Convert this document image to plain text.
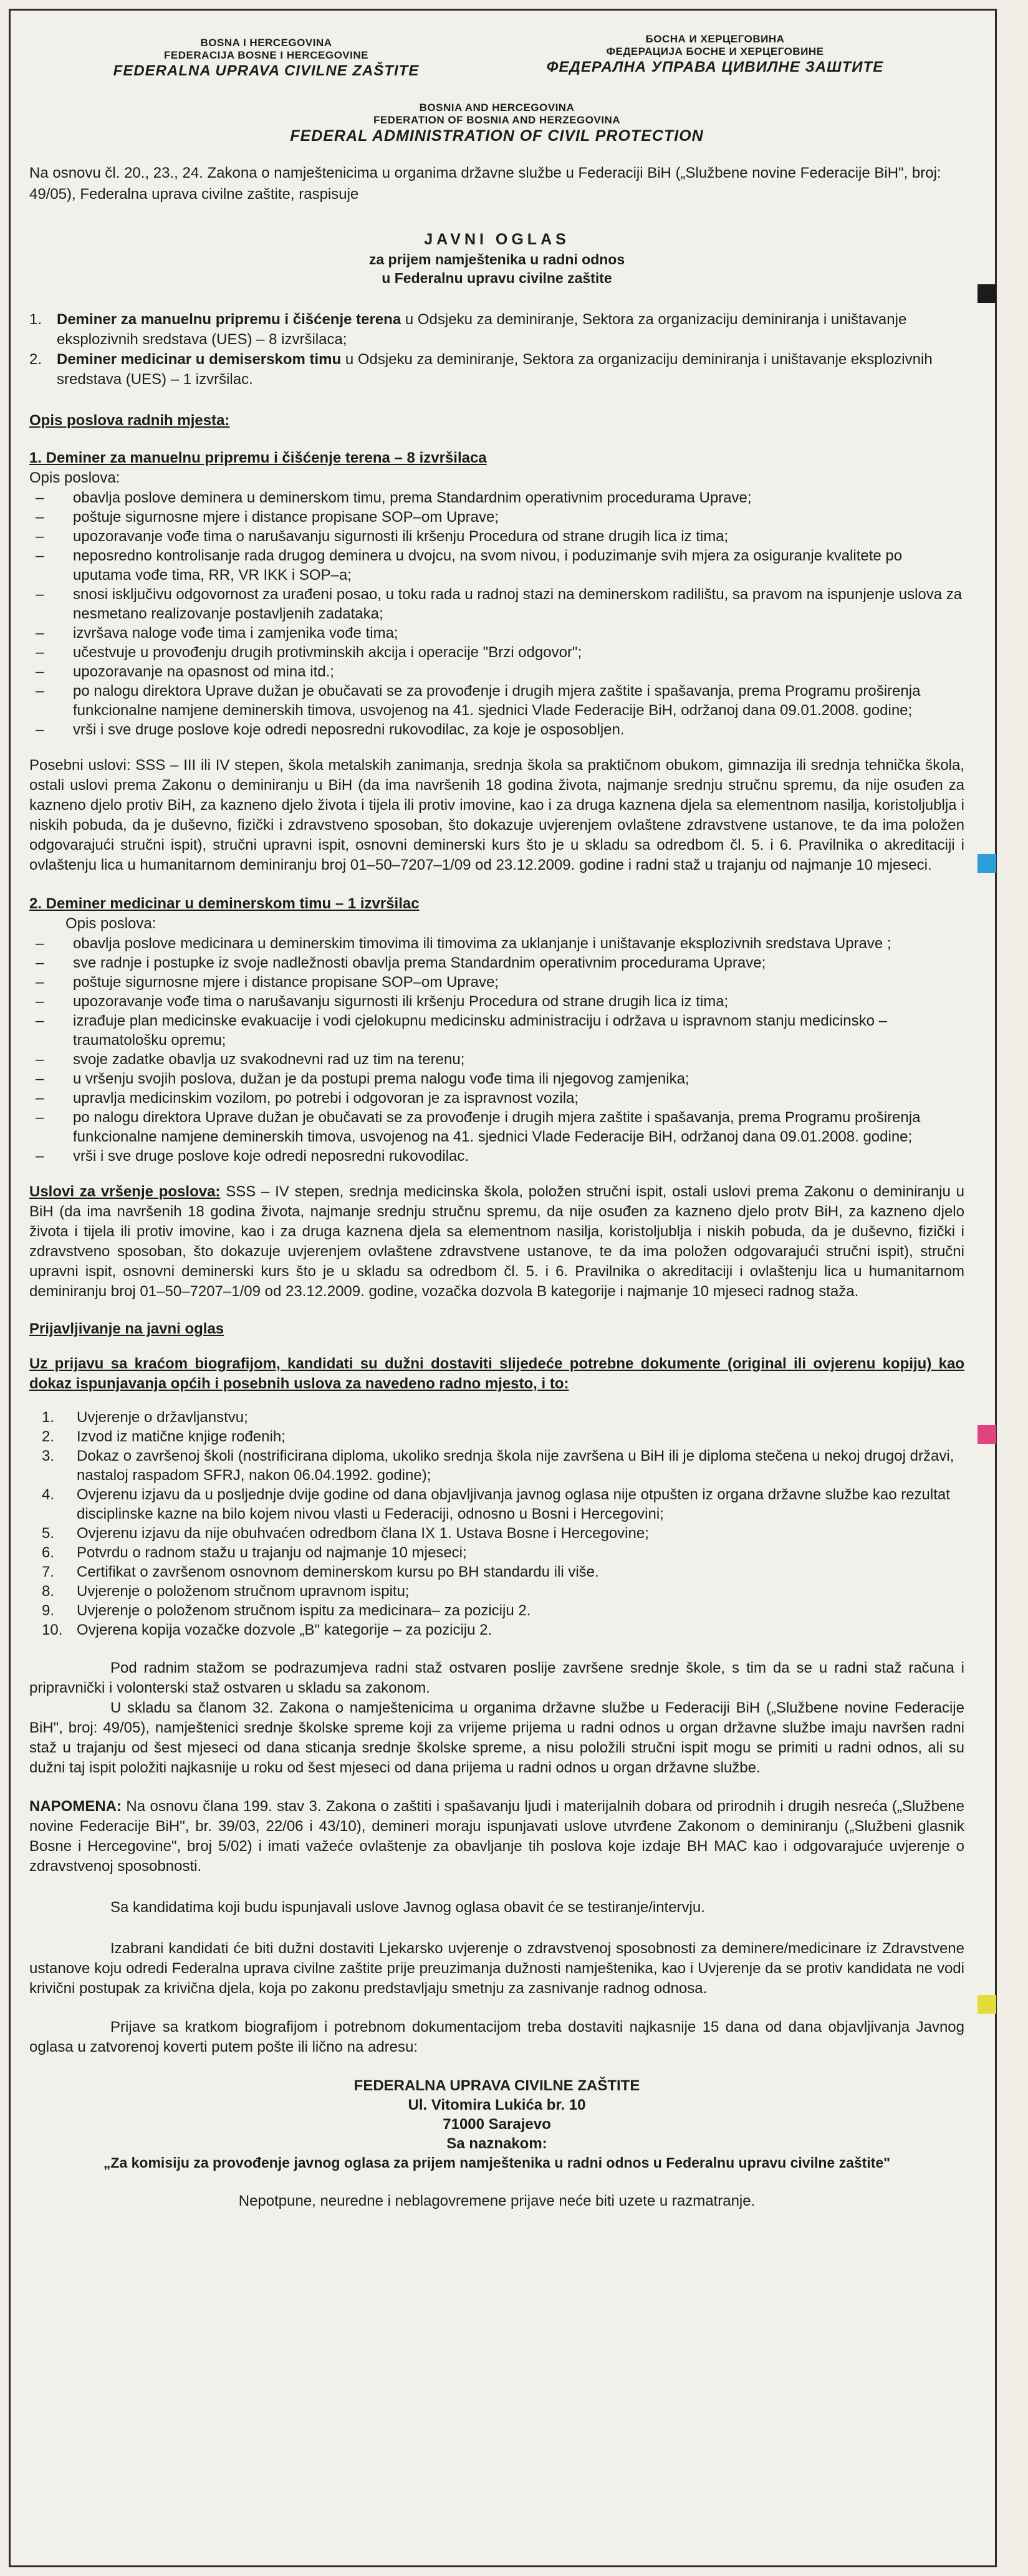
BOSNA I HERCEGOVINA
FEDERACIJA BOSNE I HERCEGOVINE
FEDERALNA UPRAVA CIVILNE ZAŠTITE
БОСНА И ХЕРЦЕГОВИНА
ФЕДЕРАЦИЈА БОСНЕ И ХЕРЦЕГОВИНЕ
ФЕДЕРАЛНА УПРАВА ЦИВИЛНЕ ЗАШТИТЕ
BOSNIA AND HERCEGOVINA
FEDERATION OF BOSNIA AND HERZEGOVINA
FEDERAL ADMINISTRATION OF CIVIL PROTECTION
Na osnovu čl. 20., 23., 24. Zakona o namještenicima u organima državne službe u Federaciji BiH („Službene novine Federacije BiH", broj: 49/05), Federalna uprava civilne zaštite, raspisuje
JAVNI OGLAS
za prijem namještenika u radni odnos
u Federalnu upravu civilne zaštite
1. Deminer za manuelnu pripremu i čišćenje terena u Odsjeku za deminiranje, Sektora za organizaciju deminiranja i uništavanje eksplozivnih sredstava (UES) – 8 izvršilaca;
2. Deminer medicinar u demiserskom timu u Odsjeku za deminiranje, Sektora za organizaciju deminiranja i uništavanje eksplozivnih sredstava (UES) – 1 izvršilac.
Opis poslova radnih mjesta:
1. Deminer za manuelnu pripremu i čišćenje terena – 8 izvršilaca
Opis poslova:
–	obavlja poslove deminera u deminerskom timu, prema Standardnim operativnim procedurama Uprave;
–	poštuje sigurnosne mjere i distance propisane SOP–om Uprave;
–	upozoravanje vođe tima o narušavanju sigurnosti ili kršenju Procedura od strane drugih lica iz tima;
–	neposredno kontrolisanje rada drugog deminera u dvojcu, na svom nivou, i poduzimanje svih mjera za osiguranje kvalitete po uputama vođe tima, RR, VR IKK i SOP–a;
–	snosi isključivu odgovornost za urađeni posao, u toku rada u radnoj stazi na deminerskom radilištu, sa pravom na ispunjenje uslova za nesmetano realizovanje postavljenih zadataka;
–	izvršava naloge vođe tima i zamjenika vođe tima;
–	učestvuje u provođenju drugih protivminskih akcija i operacije "Brzi odgovor";
–	upozoravanje na opasnost od mina itd.;
–	po nalogu direktora Uprave dužan je obučavati se za provođenje i drugih mjera zaštite i spašavanja, prema Programu proširenja funkcionalne namjene deminerskih timova, usvojenog na 41. sjednici Vlade Federacije BiH, održanoj dana 09.01.2008. godine;
–	vrši i sve druge poslove koje odredi neposredni rukovodilac, za koje je osposobljen.
Posebni uslovi: SSS – III ili IV stepen, škola metalskih zanimanja, srednja škola sa praktičnom obukom, gimnazija ili srednja tehnička škola, ostali uslovi prema Zakonu o deminiranju u BiH (da ima navršenih 18 godina života, najmanje srednju stručnu spremu, da nije osuđen za kazneno djelo protiv BiH, za kazneno djelo života i tijela ili protiv imovine, kao i za druga kaznena djela sa elementnom nasilja, koristoljublja i niskih pobuda, da je duševno, fizički i zdravstveno sposoban, što dokazuje uvjerenjem ovlaštene zdravstvene ustanove, te da ima položen odgovarajući stručni ispit), stručni upravni ispit, osnovni deminerski kurs što je u skladu sa odredbom čl. 5. i 6. Pravilnika o akreditaciji i ovlaštenju lica u humanitarnom deminiranju broj 01–50–7207–1/09 od 23.12.2009. godine i radni staž u trajanju od najmanje 10 mjeseci.
2. Deminer medicinar u deminerskom timu – 1 izvršilac
Opis poslova:
–	obavlja poslove medicinara u deminerskim timovima ili timovima za uklanjanje i uništavanje eksplozivnih sredstava Uprave ;
–	sve radnje i postupke iz svoje nadležnosti obavlja prema Standardnim operativnim procedurama Uprave;
–	poštuje sigurnosne mjere i distance propisane SOP–om Uprave;
–	upozoravanje vođe tima o narušavanju sigurnosti ili kršenju Procedura od strane drugih lica iz tima;
–	izrađuje plan medicinske evakuacije i vodi cjelokupnu medicinsku administraciju i održava u ispravnom stanju medicinsko – traumatološku opremu;
–	svoje zadatke obavlja uz svakodnevni rad uz tim na terenu;
–	u vršenju svojih poslova, dužan je da postupi prema nalogu vođe tima ili njegovog zamjenika;
–	upravlja medicinskim vozilom, po potrebi i odgovoran je za ispravnost vozila;
–	po nalogu direktora Uprave dužan je obučavati se za provođenje i drugih mjera zaštite i spašavanja, prema Programu proširenja funkcionalne namjene deminerskih timova, usvojenog na 41. sjednici Vlade Federacije BiH, održanoj dana 09.01.2008. godine;
–	vrši i sve druge poslove koje odredi neposredni rukovodilac.
Uslovi za vršenje poslova: SSS – IV stepen, srednja medicinska škola, položen stručni ispit, ostali uslovi prema Zakonu o deminiranju u BiH (da ima navršenih 18 godina života, najmanje srednju stručnu spremu, da nije osuđen za kazneno djelo protv BiH, za kazneno djelo života i tijela ili protiv imovine, kao i za druga kaznena djela sa elementnom nasilja, koristoljublja i niskih pobuda, da je duševno, fizički i zdravstveno sposoban, što dokazuje uvjerenjem ovlaštene zdravstvene ustanove, te da ima položen odgovarajući stručni ispit), stručni upravni ispit, osnovni deminerski kurs što je u skladu sa odredbom čl. 5. i 6. Pravilnika o akreditaciji i ovlaštenju lica u humanitarnom deminiranju broj 01–50–7207–1/09 od 23.12.2009. godine, vozačka dozvola B kategorije i najmanje 10 mjeseci radnog staža.
Prijavljivanje na javni oglas
Uz prijavu sa kraćom biografijom, kandidati su dužni dostaviti slijedeće potrebne dokumente (original ili ovjerenu kopiju) kao dokaz ispunjavanja općih i posebnih uslova za navedeno radno mjesto, i to:
1.	Uvjerenje o državljanstvu;
2.	Izvod iz matične knjige rođenih;
3.	Dokaz o završenoj školi (nostrificirana diploma, ukoliko srednja škola nije završena u BiH ili je diploma stečena u nekoj drugoj državi, nastaloj raspadom SFRJ, nakon 06.04.1992. godine);
4.	Ovjerenu izjavu da u posljednje dvije godine od dana objavljivanja javnog oglasa nije otpušten iz organa državne službe kao rezultat disciplinske kazne na bilo kojem nivou vlasti u Federaciji, odnosno u Bosni i Hercegovini;
5.	Ovjerenu izjavu da nije obuhvaćen odredbom člana IX 1. Ustava Bosne i Hercegovine;
6.	Potvrdu o radnom stažu u trajanju od najmanje 10 mjeseci;
7.	Certifikat o završenom osnovnom deminerskom kursu po BH standardu ili više.
8.	Uvjerenje o položenom stručnom upravnom ispitu;
9.	Uvjerenje o položenom stručnom ispitu za medicinara– za poziciju 2.
10. Ovjerena kopija vozačke dozvole „B" kategorije – za poziciju 2.
Pod radnim stažom se podrazumjeva radni staž ostvaren poslije završene srednje škole, s tim da se u radni staž računa i pripravnički i volonterski staž ostvaren u skladu sa zakonom.
U skladu sa članom 32. Zakona o namještenicima u organima državne službe u Federaciji BiH („Službene novine Federacije BiH", broj: 49/05), namještenici srednje školske spreme koji za vrijeme prijema u radni odnos u organ državne službe imaju navršen radni staž u trajanju od šest mjeseci od dana sticanja srednje školske spreme, a nisu položili stručni ispit mogu se primiti u radni odnos, ali su dužni taj ispit položiti najkasnije u roku od šest mjeseci od dana prijema u radni odnos u organ državne službe.
NAPOMENA: Na osnovu člana 199. stav 3. Zakona o zaštiti i spašavanju ljudi i materijalnih dobara od prirodnih i drugih nesreća („Službene novine Federacije BiH", br. 39/03, 22/06 i 43/10), demineri moraju ispunjavati uslove utvrđene Zakonom o deminiranju („Službeni glasnik Bosne i Hercegovine", broj 5/02) i imati važeće ovlaštenje za obavljanje tih poslova koje izdaje BH MAC kao i odgovarajuće uvjerenje o zdravstvenoj sposobnosti.
Sa kandidatima koji budu ispunjavali uslove Javnog oglasa obavit će se testiranje/intervju.
Izabrani kandidati će biti dužni dostaviti Ljekarsko uvjerenje o zdravstvenoj sposobnosti za deminere/medicinare iz Zdravstvene ustanove koju odredi Federalna uprava civilne zaštite prije preuzimanja dužnosti namještenika, kao i Uvjerenje da se protiv kandidata ne vodi krivični postupak za krivična djela, koja po zakonu predstavljaju smetnju za zasnivanje radnog odnosa.
Prijave sa kratkom biografijom i potrebnom dokumentacijom treba dostaviti najkasnije 15 dana od dana objavljivanja Javnog oglasa u zatvorenoj koverti putem pošte ili lično na adresu:
FEDERALNA UPRAVA CIVILNE ZAŠTITE
Ul. Vitomira Lukića br. 10
71000 Sarajevo
Sa naznakom:
„Za komisiju za provođenje javnog oglasa za prijem namještenika u radni odnos u Federalnu upravu civilne zaštite"
Nepotpune, neuredne i neblagovremene prijave neće biti uzete u razmatranje.
